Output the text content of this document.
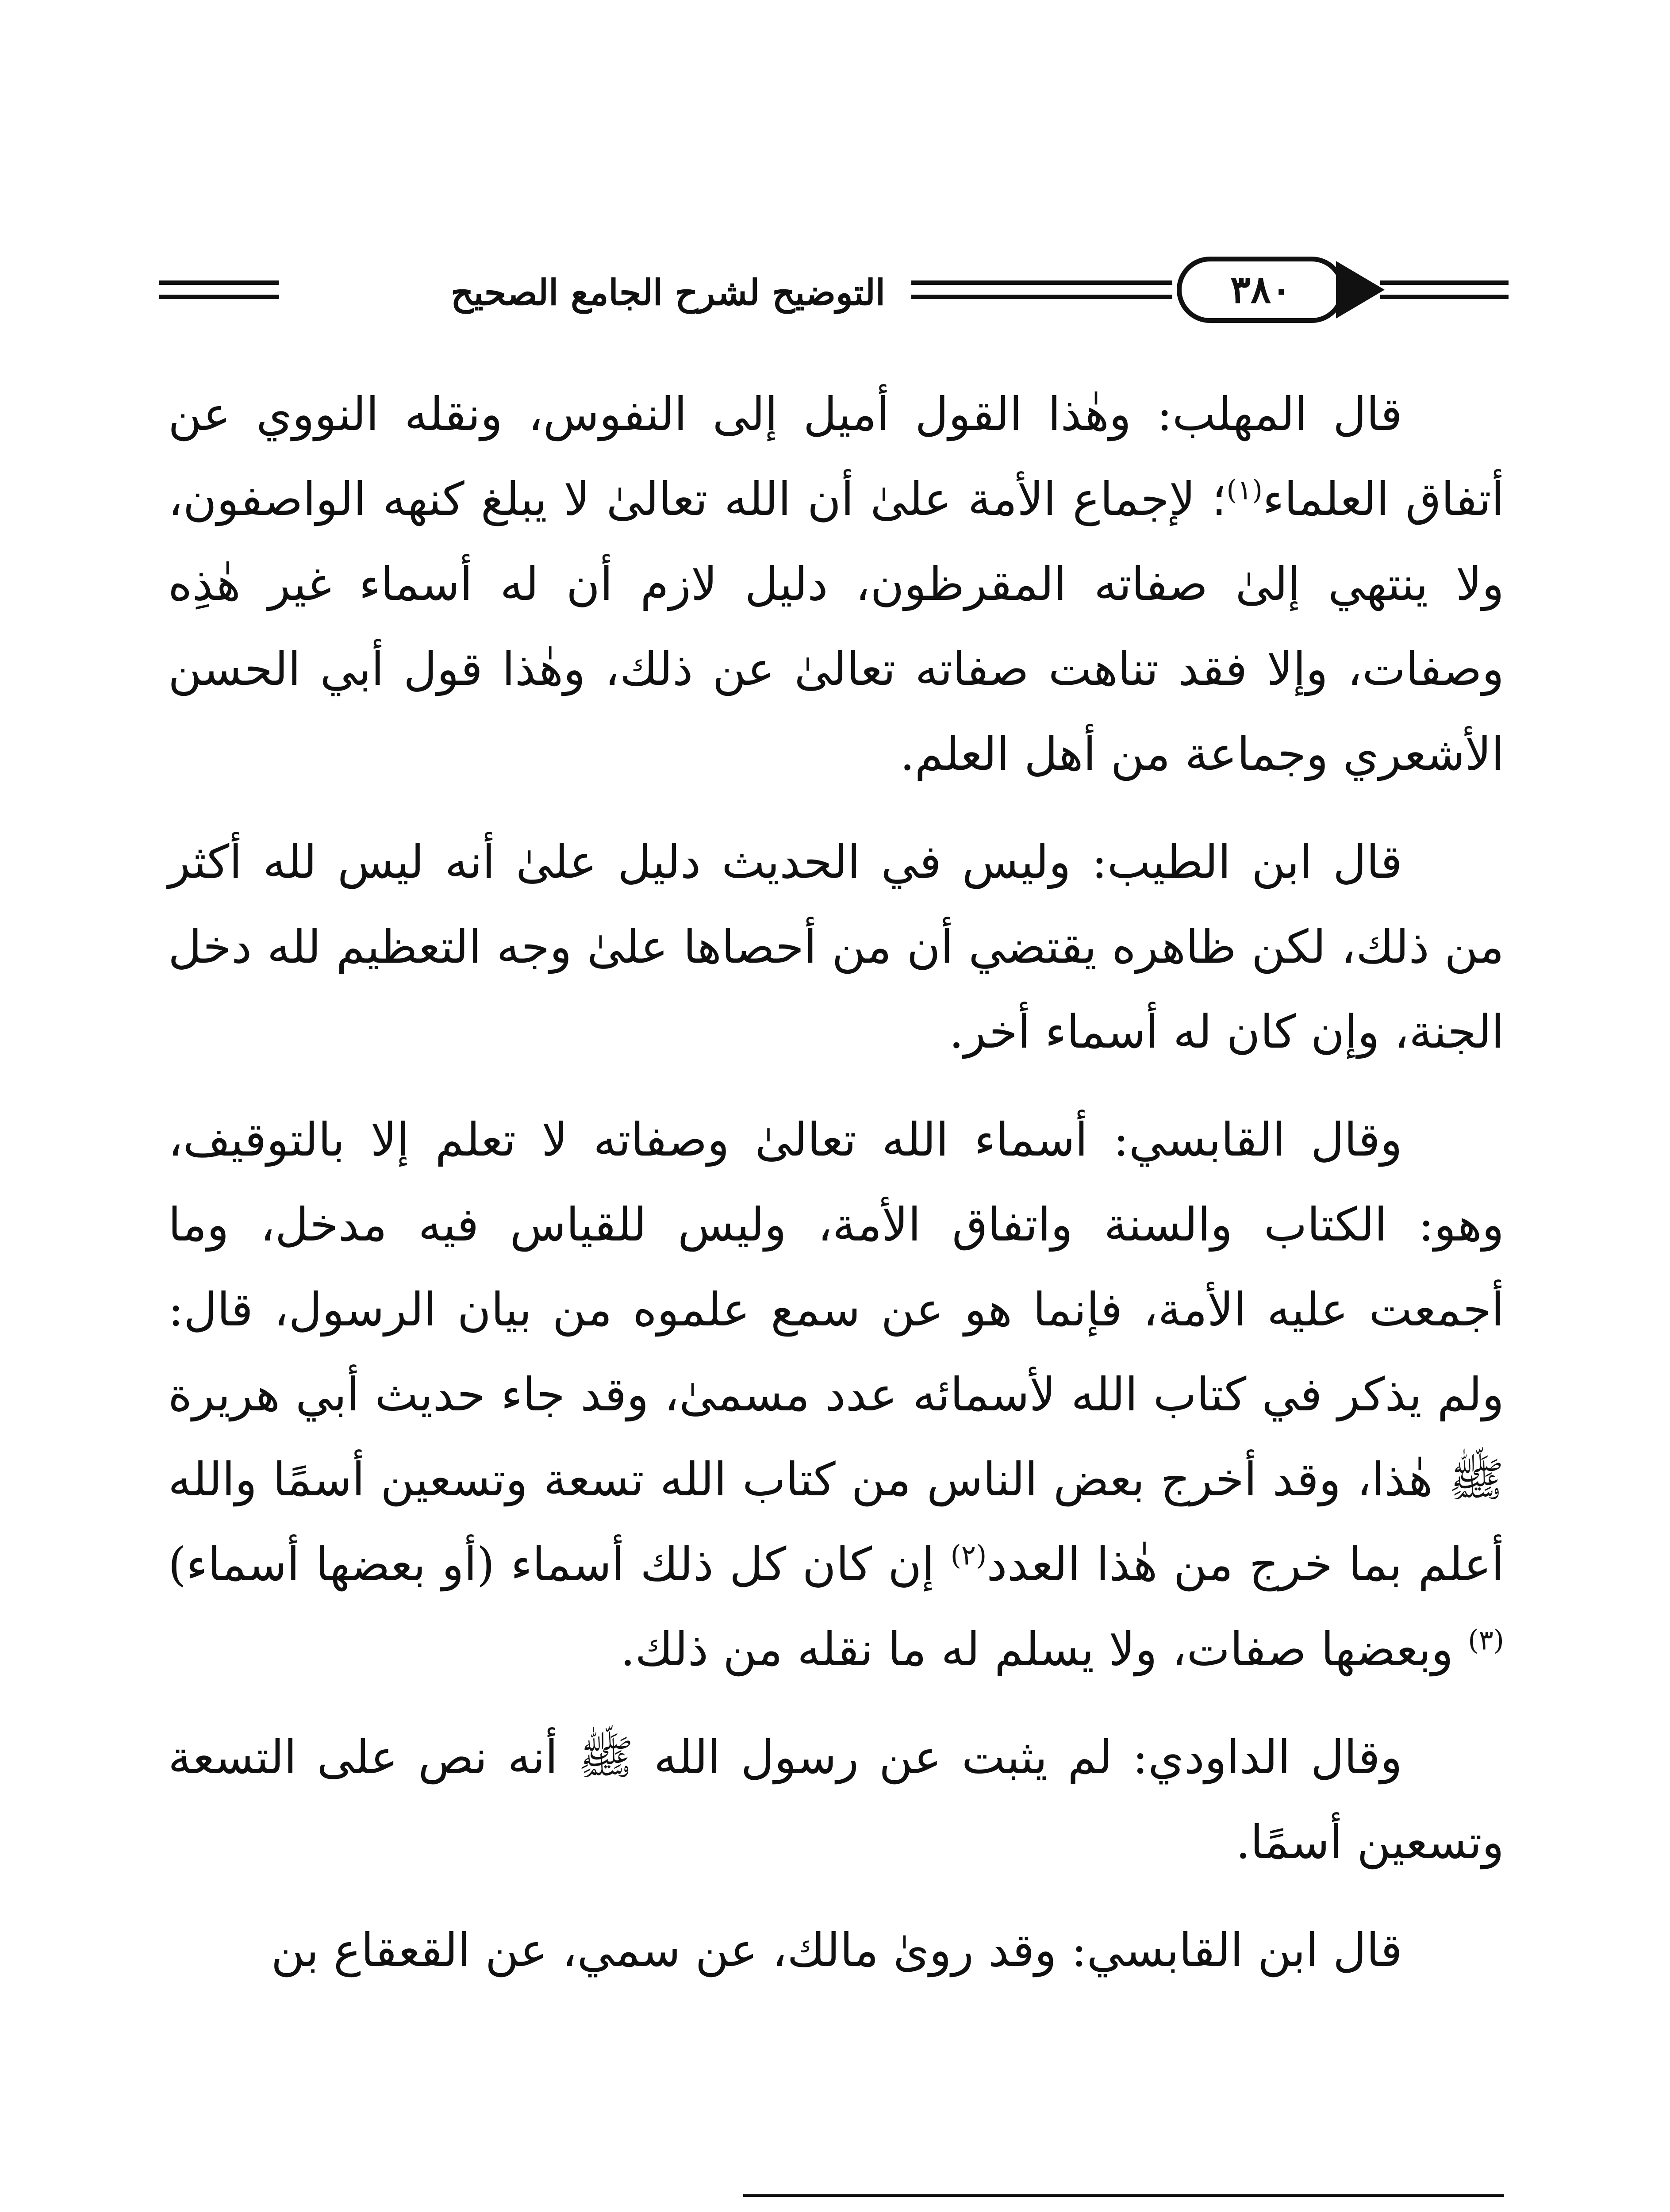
التوضيح لشرح الجامع الصحيح	٣٨٠

قال المهلب: وهٰذا القول أميل إلى النفوس، ونقله النووي عن أتفاق العلماء$^{(١)}$؛ لإجماع الأمة علىٰ أن الله تعالىٰ لا يبلغ كنهه الواصفون، ولا ينتهي إلىٰ صفاته المقرظون، دليل لازم أن له أسماء غير هٰذِه وصفات، وإلا فقد تناهت صفاته تعالىٰ عن ذلك، وهٰذا قول أبي الحسن الأشعري وجماعة من أهل العلم.

قال ابن الطيب: وليس في الحديث دليل علىٰ أنه ليس لله أكثر من ذلك، لكن ظاهره يقتضي أن من أحصاها علىٰ وجه التعظيم لله دخل الجنة، وإن كان له أسماء أخر.

وقال القابسي: أسماء الله تعالىٰ وصفاته لا تعلم إلا بالتوقيف، وهو: الكتاب والسنة واتفاق الأمة، وليس للقياس فيه مدخل، وما أجمعت عليه الأمة، فإنما هو عن سمع علموه من بيان الرسول، قال: ولم يذكر في كتاب الله لأسمائه عدد مسمىٰ، وقد جاء حديث أبي هريرة ﷺ هٰذا، وقد أخرج بعض الناس من كتاب الله تسعة وتسعين أسمًا والله أعلم بما خرج من هٰذا العدد$^{(٢)}$ إن كان كل ذلك أسماء (أو بعضها أسماء)$^{(٣)}$ وبعضها صفات، ولا يسلم له ما نقله من ذلك.

وقال الداودي: لم يثبت عن رسول الله ﷺ أنه نص على التسعة وتسعين أسمًا.

قال ابن القابسي: وقد روىٰ مالك، عن سمي، عن القعقاع بن
